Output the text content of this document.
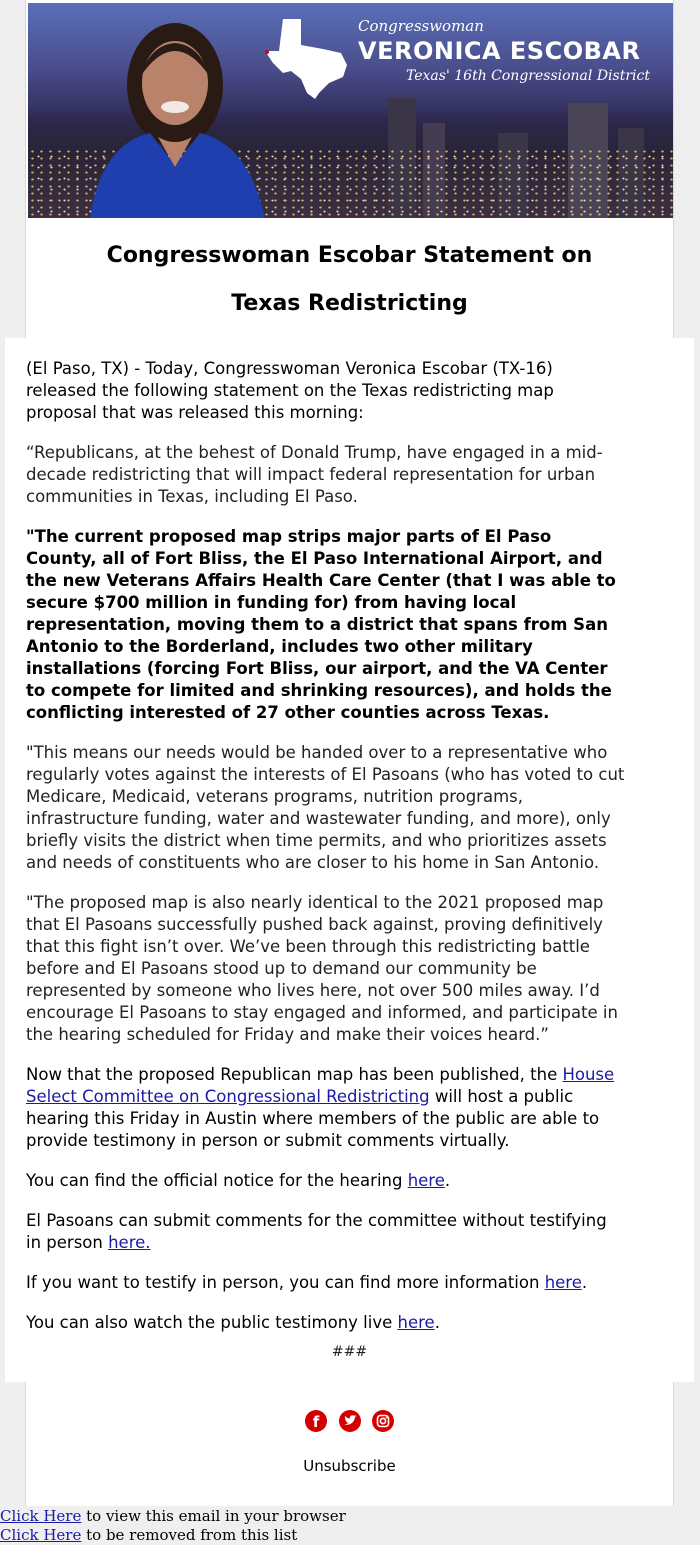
Congresswoman
VERONICA ESCOBAR
Texas' 16th Congressional District
Congresswoman Escobar Statement on
Texas Redistricting

(El Paso, TX) - Today, Congresswoman Veronica Escobar (TX-16) released the following statement on the Texas redistricting map proposal that was released this morning:

“Republicans, at the behest of Donald Trump, have engaged in a mid-decade redistricting that will impact federal representation for urban communities in Texas, including El Paso.

"The current proposed map strips major parts of El Paso County, all of Fort Bliss, the El Paso International Airport, and the new Veterans Affairs Health Care Center (that I was able to secure $700 million in funding for) from having local representation, moving them to a district that spans from San Antonio to the Borderland, includes two other military installations (forcing Fort Bliss, our airport, and the VA Center to compete for limited and shrinking resources), and holds the conflicting interested of 27 other counties across Texas.

"This means our needs would be handed over to a representative who regularly votes against the interests of El Pasoans (who has voted to cut Medicare, Medicaid, veterans programs, nutrition programs, infrastructure funding, water and wastewater funding, and more), only briefly visits the district when time permits, and who prioritizes assets and needs of constituents who are closer to his home in San Antonio.

"The proposed map is also nearly identical to the 2021 proposed map that El Pasoans successfully pushed back against, proving definitively that this fight isn’t over. We’ve been through this redistricting battle before and El Pasoans stood up to demand our community be represented by someone who lives here, not over 500 miles away. I’d encourage El Pasoans to stay engaged and informed, and participate in the hearing scheduled for Friday and make their voices heard.”

Now that the proposed Republican map has been published, the House Select Committee on Congressional Redistricting will host a public hearing this Friday in Austin where members of the public are able to provide testimony in person or submit comments virtually.

You can find the official notice for the hearing here.

El Pasoans can submit comments for the committee without testifying in person here.

If you want to testify in person, you can find more information here.

You can also watch the public testimony live here.

###
f

Unsubscribe
Click Here to view this email in your browser
Click Here to be removed from this list
